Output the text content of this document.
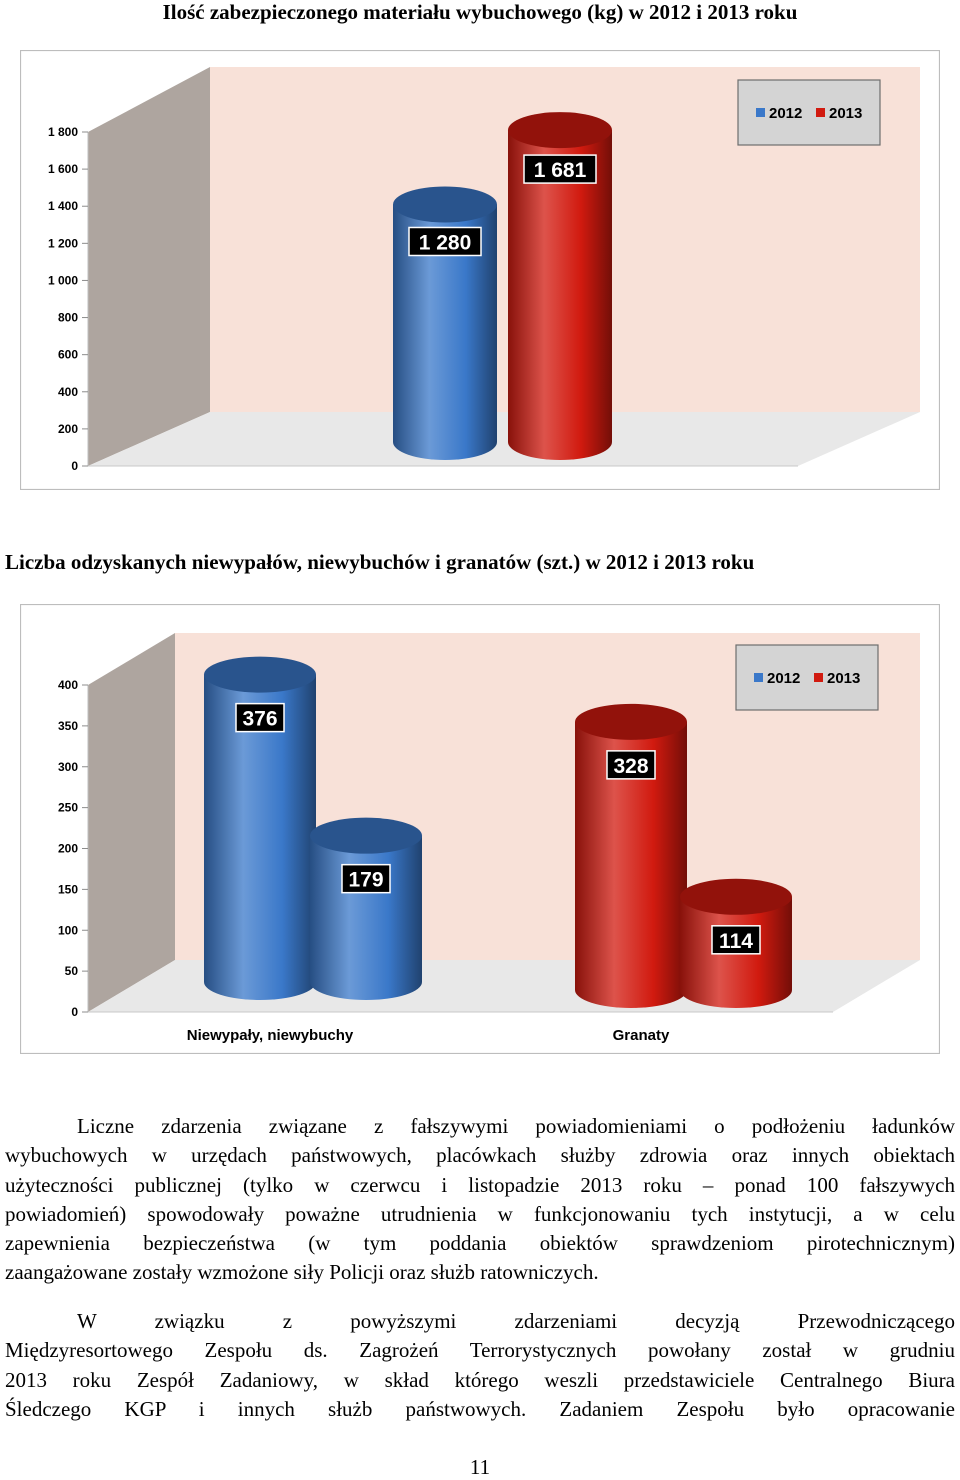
Ilość zabezpieczonego materiału wybuchowego (kg) w 2012 i 2013 roku
0
200
400
600
800
1 000
1 200
1 400
1 600
1 800
1 280
1 681
2012 2013
Liczba odzyskanych niewypałów, niewybuchów i granatów (szt.) w 2012 i 2013 roku
0
50
100
150
200
250
300
350
400
Niewypały, niewybuchy	Granaty
376
179
328
114
2012 2013
Liczne zdarzenia związane z fałszywymi powiadomieniami o podłożeniu ładunków
wybuchowych w urzędach państwowych, placówkach służby zdrowia oraz innych obiektach
użyteczności publicznej (tylko w czerwcu i listopadzie 2013 roku – ponad 100 fałszywych
powiadomień) spowodowały poważne utrudnienia w funkcjonowaniu tych instytucji, a w celu
zapewnienia bezpieczeństwa (w tym poddania obiektów sprawdzeniom pirotechnicznym)
zaangażowane zostały wzmożone siły Policji oraz służb ratowniczych.
W związku z powyższymi zdarzeniami decyzją Przewodniczącego
Międzyresortowego Zespołu ds. Zagrożeń Terrorystycznych powołany został w grudniu
2013 roku Zespół Zadaniowy, w skład którego weszli przedstawiciele Centralnego Biura
Śledczego KGP i innych służb państwowych. Zadaniem Zespołu było opracowanie
11
